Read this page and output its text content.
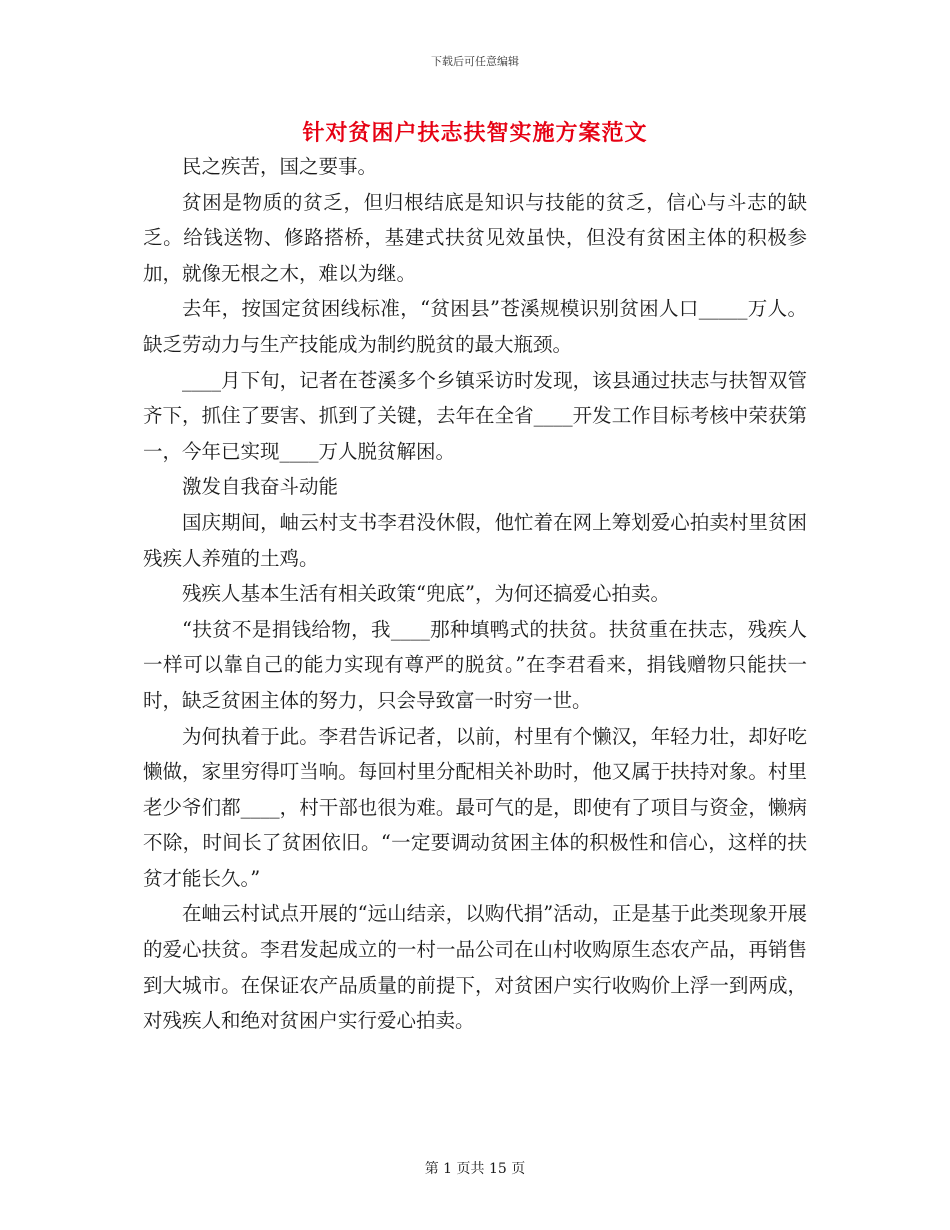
下载后可任意编辑
针对贫困户扶志扶智实施方案范文

民之疾苦，国之要事。

贫困是物质的贫乏，但归根结底是知识与技能的贫乏，信心与斗志的缺乏。给钱送物、修路搭桥，基建式扶贫见效虽快，但没有贫困主体的积极参加，就像无根之木，难以为继。

去年，按国定贫困线标准，“贫困县”苍溪规模识别贫困人口_____万人。缺乏劳动力与生产技能成为制约脱贫的最大瓶颈。

____月下旬，记者在苍溪多个乡镇采访时发现，该县通过扶志与扶智双管齐下，抓住了要害、抓到了关键，去年在全省____开发工作目标考核中荣获第一，今年已实现____万人脱贫解困。

激发自我奋斗动能

国庆期间，岫云村支书李君没休假，他忙着在网上筹划爱心拍卖村里贫困残疾人养殖的土鸡。

残疾人基本生活有相关政策“兜底”，为何还搞爱心拍卖。

“扶贫不是捐钱给物，我____那种填鸭式的扶贫。扶贫重在扶志，残疾人一样可以靠自己的能力实现有尊严的脱贫。”在李君看来，捐钱赠物只能扶一时，缺乏贫困主体的努力，只会导致富一时穷一世。

为何执着于此。李君告诉记者，以前，村里有个懒汉，年轻力壮，却好吃懒做，家里穷得叮当响。每回村里分配相关补助时，他又属于扶持对象。村里老少爷们都____，村干部也很为难。最可气的是，即使有了项目与资金，懒病不除，时间长了贫困依旧。“一定要调动贫困主体的积极性和信心，这样的扶贫才能长久。”

在岫云村试点开展的“远山结亲，以购代捐”活动，正是基于此类现象开展的爱心扶贫。李君发起成立的一村一品公司在山村收购原生态农产品，再销售到大城市。在保证农产品质量的前提下，对贫困户实行收购价上浮一到两成，对残疾人和绝对贫困户实行爱心拍卖。

第 1 页共 15 页
